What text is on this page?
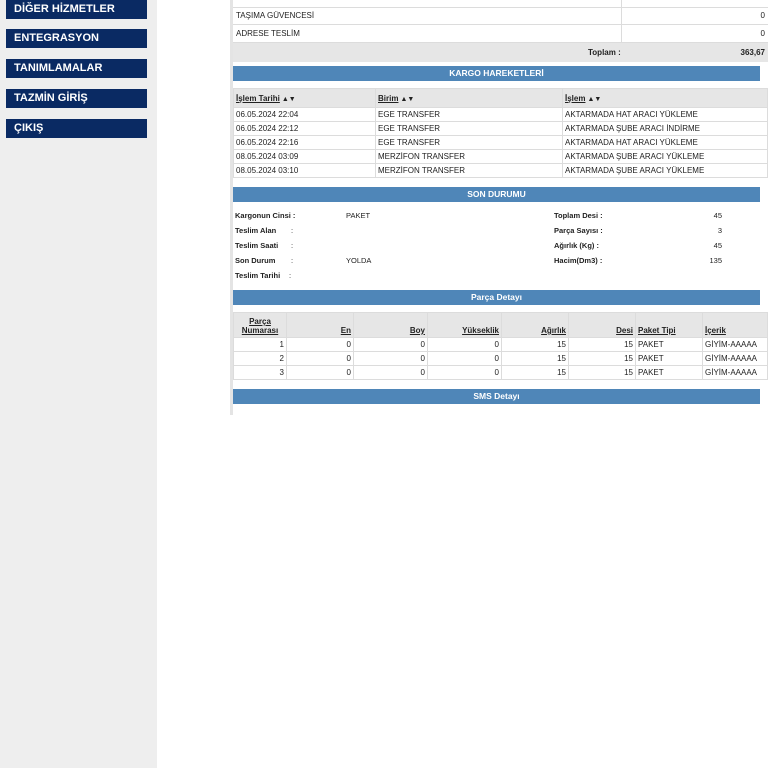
DİĞER HİZMETLER
ENTEGRASYON
TANIMLAMALAR
TAZMİN GİRİŞ
ÇIKIŞ
TAŞIMA GÜVENCESİ	0
ADRESE TESLİM	0
Toplam :	363,67
KARGO HAREKETLERİ
İşlem Tarihi ▲▼	Birim ▲▼	İşlem ▲▼
06.05.2024 22:04	EGE TRANSFER	AKTARMADA HAT ARACI YÜKLEME
06.05.2024 22:12	EGE TRANSFER	AKTARMADA ŞUBE ARACI İNDİRME
06.05.2024 22:16	EGE TRANSFER	AKTARMADA HAT ARACI YÜKLEME
08.05.2024 03:09	MERZİFON TRANSFER	AKTARMADA ŞUBE ARACI YÜKLEME
08.05.2024 03:10	MERZİFON TRANSFER	AKTARMADA ŞUBE ARACI YÜKLEME
SON DURUMU
Kargonun Cinsi :	PAKET
Teslim Alan :
Teslim Saati :
Son Durum :	YOLDA
Teslim Tarihi :
Toplam Desi :	45
Parça Sayısı :	3
Ağırlık (Kg) :	45
Hacim(Dm3) :	135
Parça Detayı
Parça Numarası	En	Boy	Yükseklik	Ağırlık	Desi	Paket Tipi	İçerik
1	0	0	0	15	15	PAKET	GİYİM-AAAAA
2	0	0	0	15	15	PAKET	GİYİM-AAAAA
3	0	0	0	15	15	PAKET	GİYİM-AAAAA
SMS Detayı
